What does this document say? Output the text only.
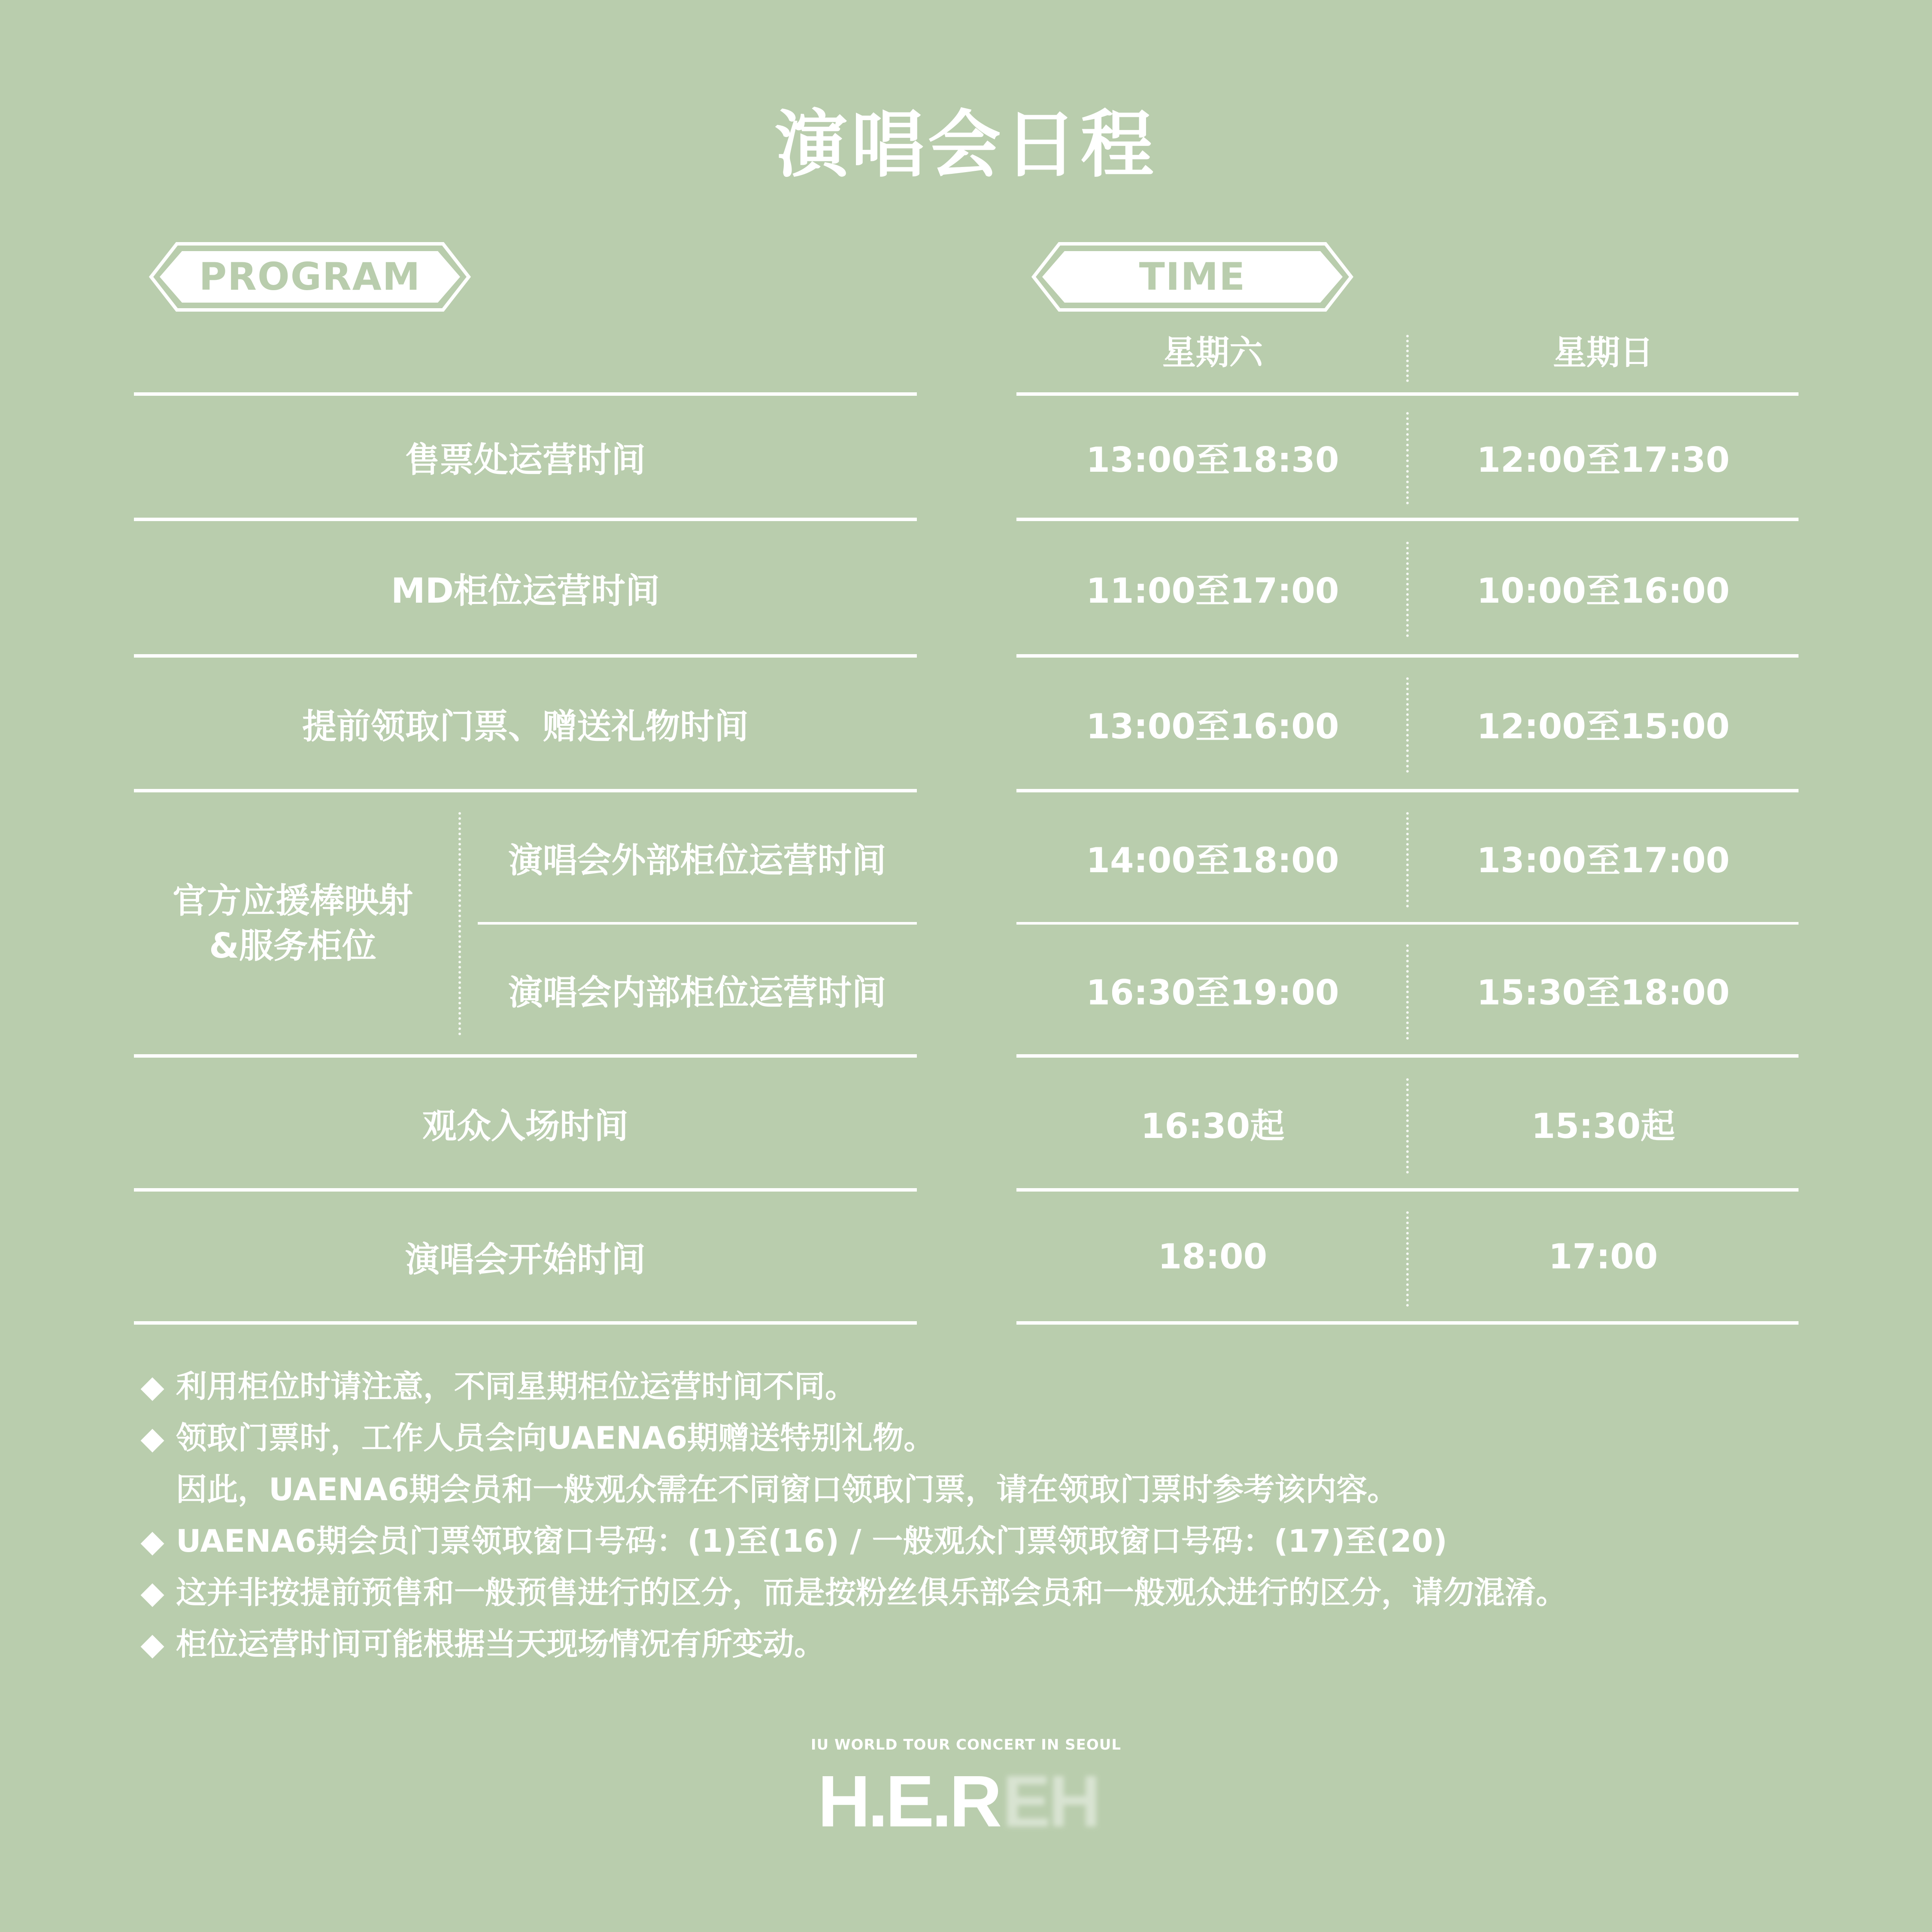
演唱会日程
PROGRAM	TIME
星期六	星期日
售票处运营时间	13:00至18:30	12:00至17:30
MD柜位运营时间	11:00至17:00	10:00至16:00
提前领取门票、赠送礼物时间	13:00至16:00	12:00至15:00
官方应援棒映射
&服务柜位
演唱会外部柜位运营时间	14:00至18:00	13:00至17:00
演唱会内部柜位运营时间	16:30至19:00	15:30至18:00
观众入场时间	16:30起	15:30起
演唱会开始时间	18:00	17:00
◆ 利用柜位时请注意，不同星期柜位运营时间不同。
◆ 领取门票时，工作人员会向UAENA6期赠送特别礼物。
因此，UAENA6期会员和一般观众需在不同窗口领取门票，请在领取门票时参考该内容。
◆ UAENA6期会员门票领取窗口号码：(1)至(16) / 一般观众门票领取窗口号码：(17)至(20)
◆ 这并非按提前预售和一般预售进行的区分，而是按粉丝俱乐部会员和一般观众进行的区分，请勿混淆。
◆ 柜位运营时间可能根据当天现场情况有所变动。
IU WORLD TOUR CONCERT IN SEOUL
H.E.R EH
